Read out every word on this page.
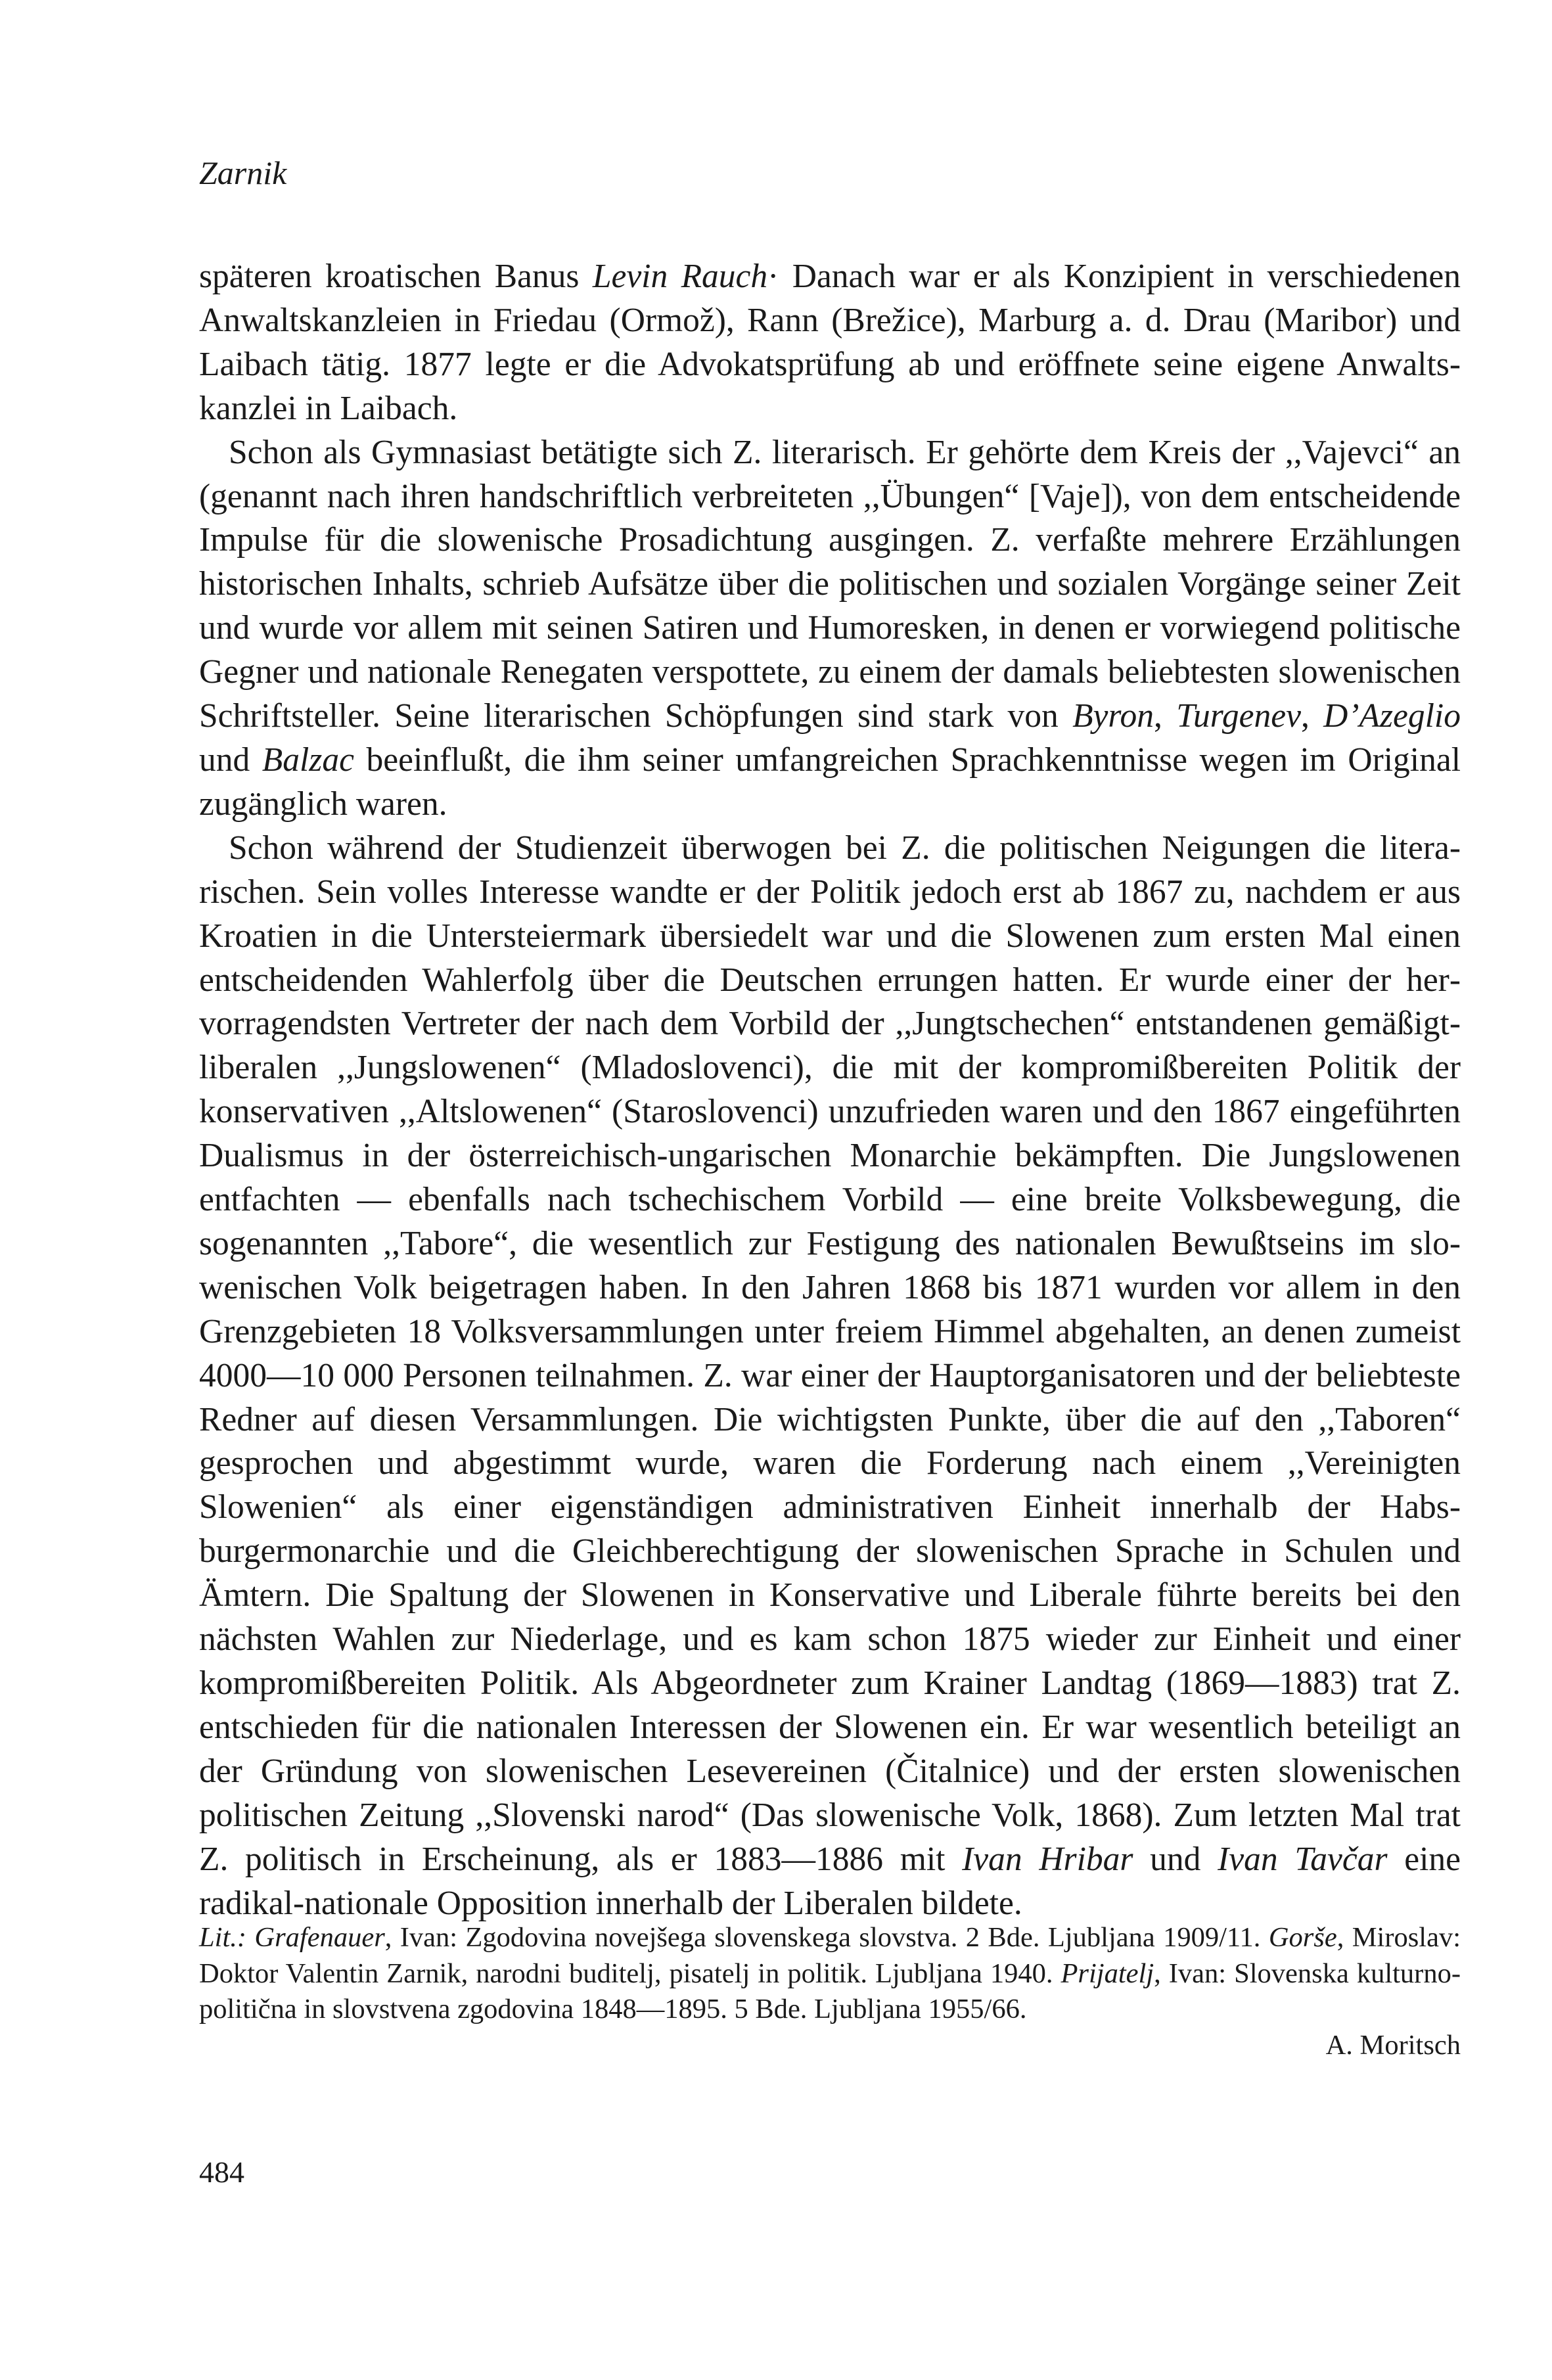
Zarnik

späteren kroatischen Banus Levin Rauch· Danach war er als Konzipient in verschiedenen Anwaltskanzleien in Friedau (Ormož), Rann (Brežice), Marburg a. d. Drau (Maribor) und Laibach tätig. 1877 legte er die Advokatsprüfung ab und eröffnete seine eigene Anwaltskanzlei in Laibach.

Schon als Gymnasiast betätigte sich Z. literarisch. Er gehörte dem Kreis der ,,Vajevci“ an (genannt nach ihren handschriftlich verbreiteten ,,Übungen“ [Vaje]), von dem entscheidende Impulse für die slowenische Prosadichtung ausgingen. Z. verfaßte mehrere Erzählungen historischen Inhalts, schrieb Aufsätze über die politischen und sozialen Vorgänge seiner Zeit und wurde vor allem mit seinen Satiren und Humoresken, in denen er vorwiegend politische Gegner und nationale Renegaten verspottete, zu einem der damals beliebtesten slowenischen Schriftsteller. Seine literarischen Schöpfungen sind stark von Byron, Turgenev, D’Azeglio und Balzac beeinflußt, die ihm seiner umfangreichen Sprachkenntnisse wegen im Original zugänglich waren.

Schon während der Studienzeit überwogen bei Z. die politischen Neigungen die literarischen. Sein volles Interesse wandte er der Politik jedoch erst ab 1867 zu, nachdem er aus Kroatien in die Untersteiermark übersiedelt war und die Slowenen zum ersten Mal einen entscheidenden Wahlerfolg über die Deutschen errungen hatten. Er wurde einer der hervorragendsten Vertreter der nach dem Vorbild der ,,Jungtschechen“ entstandenen gemäßigtliberalen ,,Jungslowenen“ (Mladoslovenci), die mit der kompromißbereiten Politik der konservativen ,,Altslowenen“ (Staroslovenci) unzufrieden waren und den 1867 eingeführten Dualismus in der österreichisch-ungarischen Monarchie bekämpften. Die Jungslowenen entfachten — ebenfalls nach tschechischem Vorbild — eine breite Volksbewegung, die sogenannten ,,Tabore“, die wesentlich zur Festigung des nationalen Bewußtseins im slowenischen Volk beigetragen haben. In den Jahren 1868 bis 1871 wurden vor allem in den Grenzgebieten 18 Volksversammlungen unter freiem Himmel abgehalten, an denen zumeist 4000—10 000 Personen teilnahmen. Z. war einer der Hauptorganisatoren und der beliebteste Redner auf diesen Versammlungen. Die wichtigsten Punkte, über die auf den ,,Taboren“ gesprochen und abgestimmt wurde, waren die Forderung nach einem ,,Vereinigten Slowenien“ als einer eigenständigen administrativen Einheit innerhalb der Habsburgermonarchie und die Gleichberechtigung der slowenischen Sprache in Schulen und Ämtern. Die Spaltung der Slowenen in Konservative und Liberale führte bereits bei den nächsten Wahlen zur Niederlage, und es kam schon 1875 wieder zur Einheit und einer kompromißbereiten Politik. Als Abgeordneter zum Krainer Landtag (1869—1883) trat Z. entschieden für die nationalen Interessen der Slowenen ein. Er war wesentlich beteiligt an der Gründung von slowenischen Lesevereinen (Čitalnice) und der ersten slowenischen politischen Zeitung ,,Slovenski narod“ (Das slowenische Volk, 1868). Zum letzten Mal trat Z. politisch in Erscheinung, als er 1883—1886 mit Ivan Hribar und Ivan Tavčar eine radikal-nationale Opposition innerhalb der Liberalen bildete.

Lit.: Grafenauer, Ivan: Zgodovina novejšega slovenskega slovstva. 2 Bde. Ljubljana 1909/11. Gorše, Miroslav: Doktor Valentin Zarnik, narodni buditelj, pisatelj in politik. Ljubljana 1940. Prijatelj, Ivan: Slovenska kulturno-politična in slovstvena zgodovina 1848—1895. 5 Bde. Ljubljana 1955/66.

A. Moritsch

484
